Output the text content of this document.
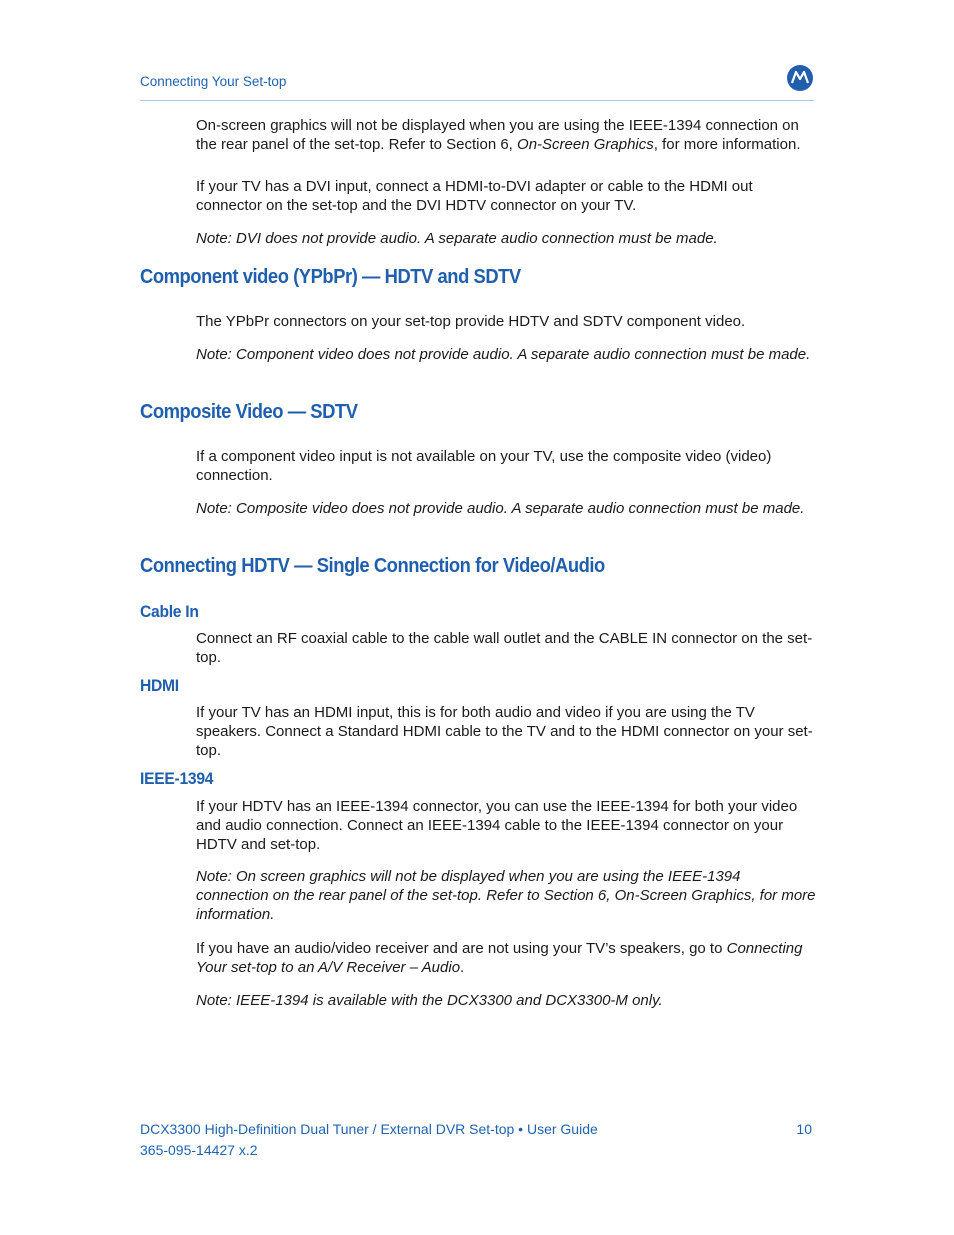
Connecting Your Set-top

On-screen graphics will not be displayed when you are using the IEEE-1394 connection on the rear panel of the set-top. Refer to Section 6, On-Screen Graphics, for more information.

If your TV has a DVI input, connect a HDMI-to-DVI adapter or cable to the HDMI out connector on the set-top and the DVI HDTV connector on your TV.

Note: DVI does not provide audio. A separate audio connection must be made.

Component video (YPbPr) — HDTV and SDTV

The YPbPr connectors on your set-top provide HDTV and SDTV component video.

Note: Component video does not provide audio. A separate audio connection must be made.

Composite Video — SDTV

If a component video input is not available on your TV, use the composite video (video) connection.

Note: Composite video does not provide audio. A separate audio connection must be made.

Connecting HDTV — Single Connection for Video/Audio
Cable In

Connect an RF coaxial cable to the cable wall outlet and the CABLE IN connector on the set-top.

HDMI

If your TV has an HDMI input, this is for both audio and video if you are using the TV speakers. Connect a Standard HDMI cable to the TV and to the HDMI connector on your set-top.

IEEE-1394

If your HDTV has an IEEE-1394 connector, you can use the IEEE-1394 for both your video and audio connection. Connect an IEEE-1394 cable to the IEEE-1394 connector on your HDTV and set-top.

Note: On screen graphics will not be displayed when you are using the IEEE-1394 connection on the rear panel of the set-top. Refer to Section 6, On-Screen Graphics, for more information.

If you have an audio/video receiver and are not using your TV’s speakers, go to Connecting Your set-top to an A/V Receiver – Audio.

Note: IEEE-1394 is available with the DCX3300 and DCX3300-M only.

DCX3300 High-Definition Dual Tuner / External DVR Set-top • User Guide
365-095-14427 x.2
10
